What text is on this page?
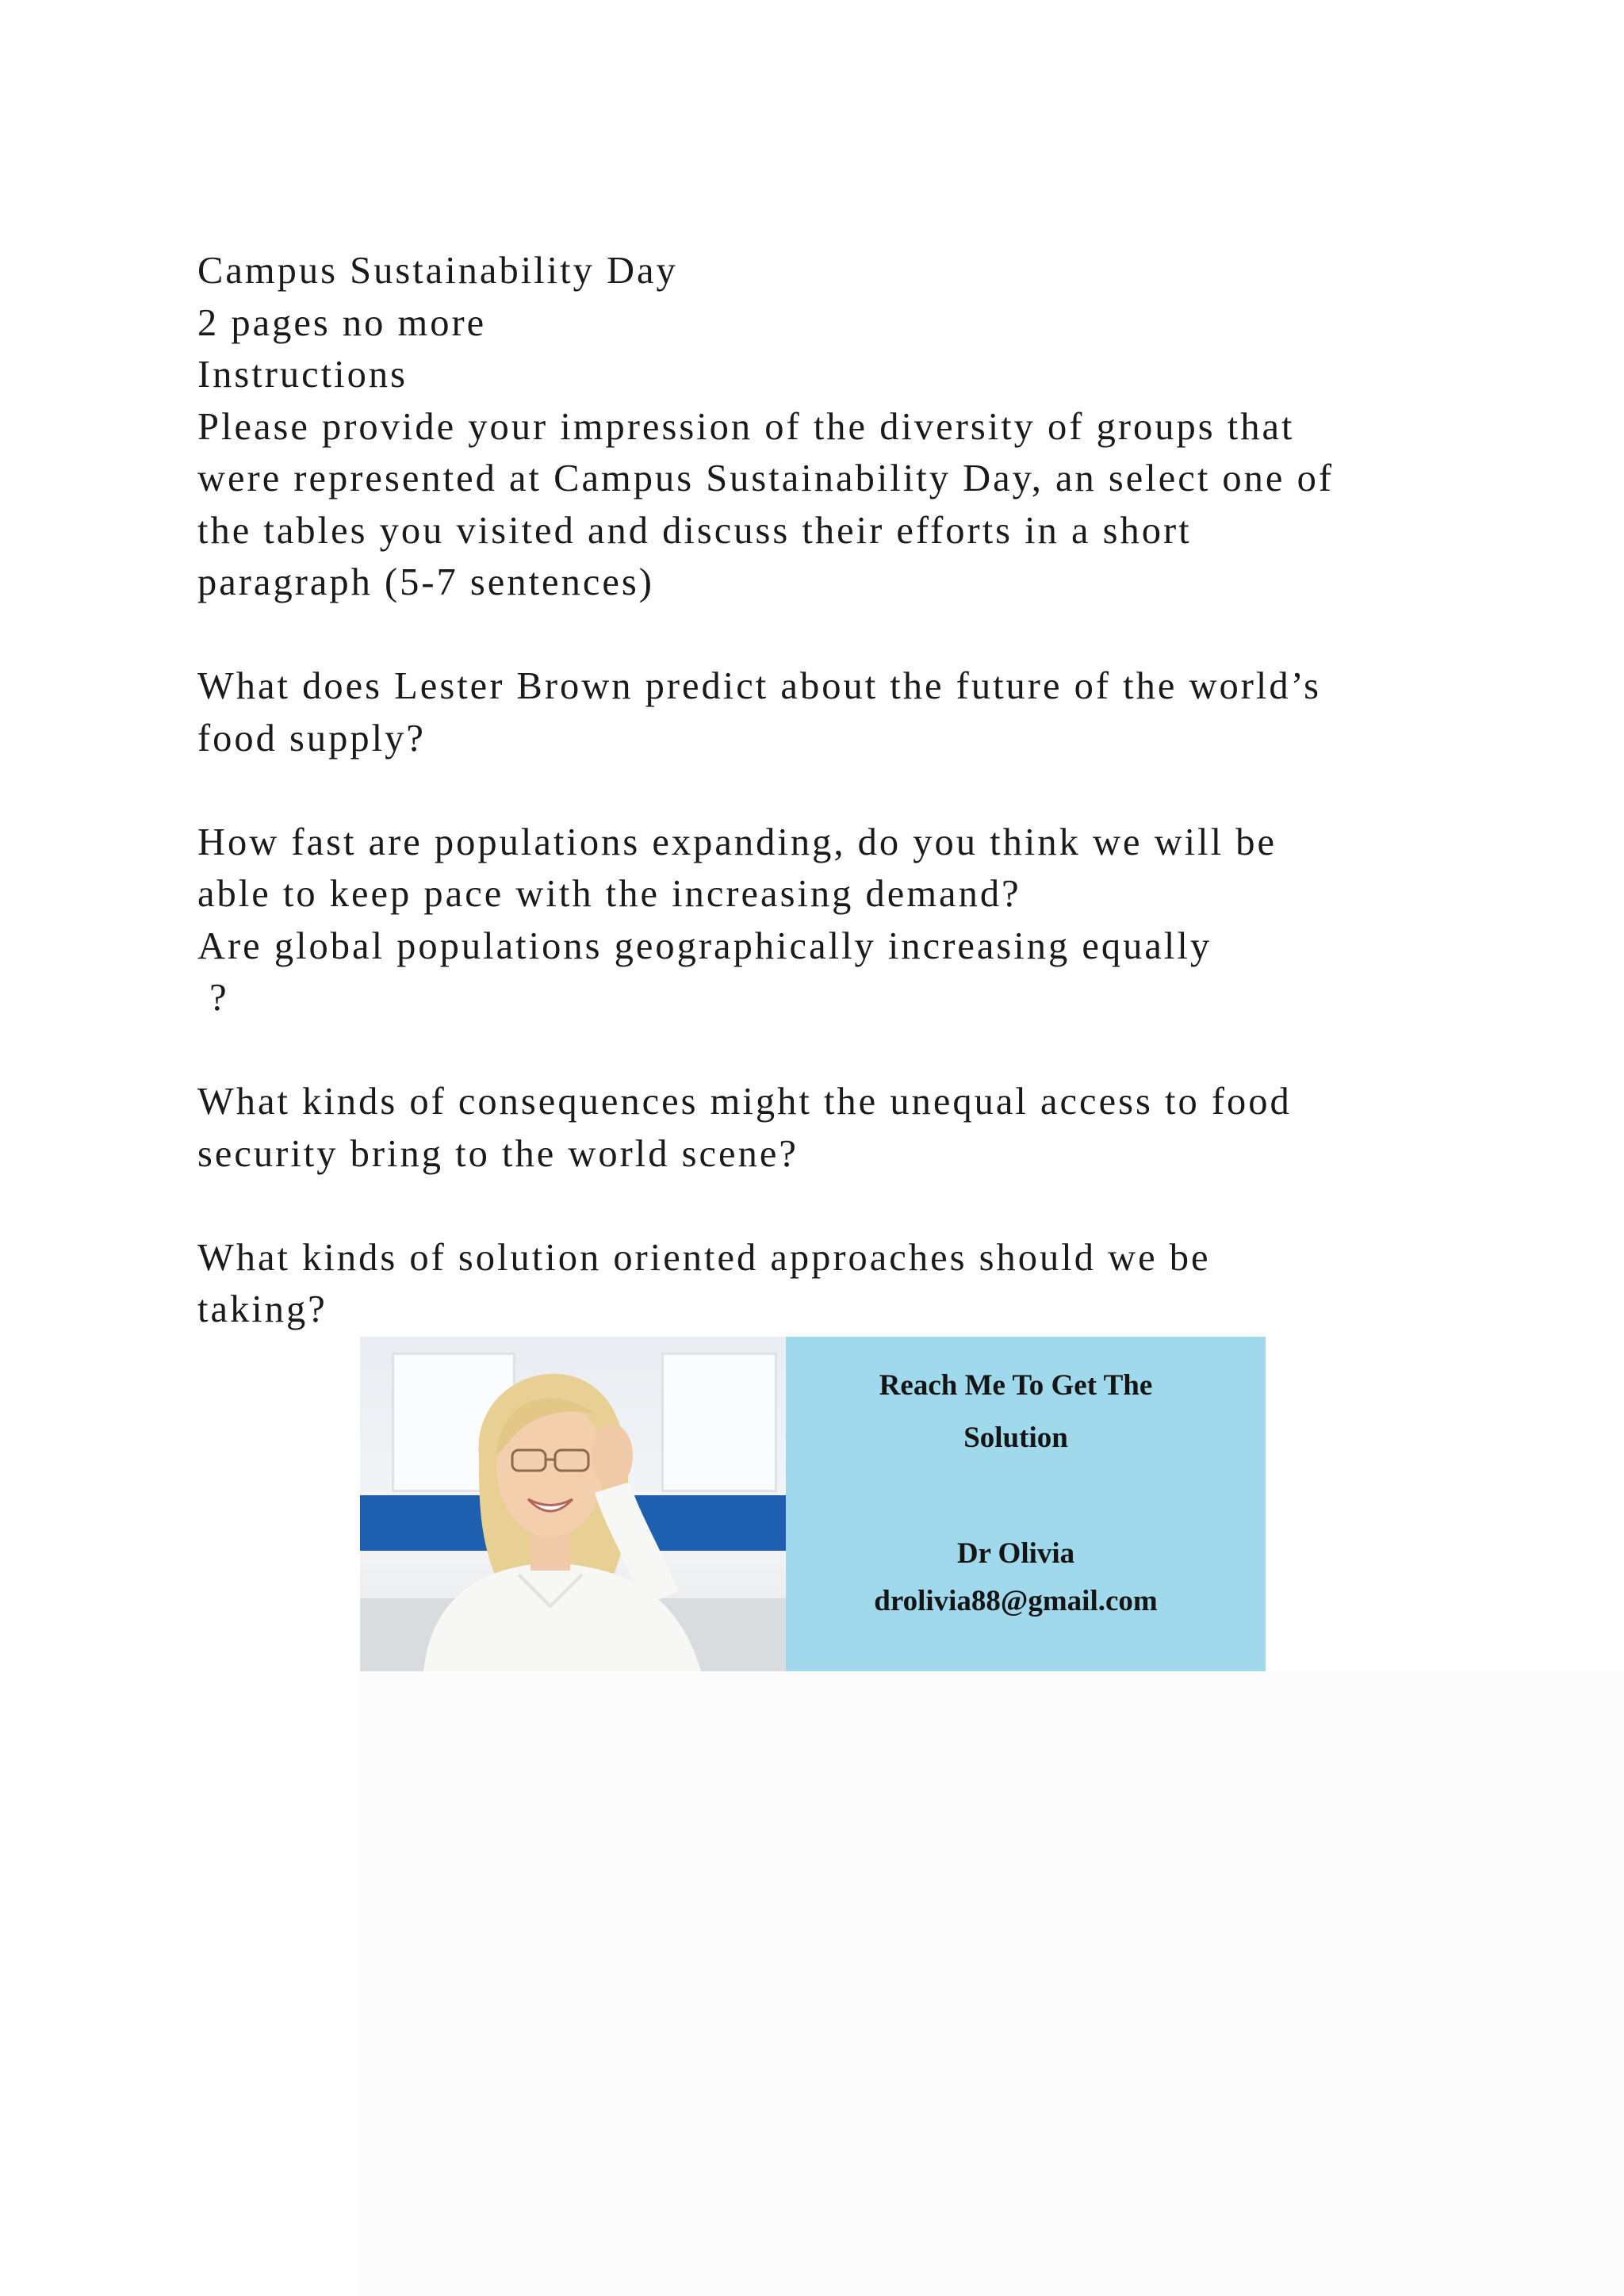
Campus Sustainability Day
2 pages no more
Instructions
Please provide your impression of the diversity of groups that
were represented at Campus Sustainability Day, an select one of
the tables you visited and discuss their efforts in a short
paragraph (5-7 sentences)
What does Lester Brown predict about the future of the world’s
food supply?
How fast are populations expanding, do you think we will be
able to keep pace with the increasing demand?
Are global populations geographically increasing equally
?
What kinds of consequences might the unequal access to food
security bring to the world scene?
What kinds of solution oriented approaches should we be
taking?
Reach Me To Get The
Solution
Dr Olivia
drolivia88@gmail.com
